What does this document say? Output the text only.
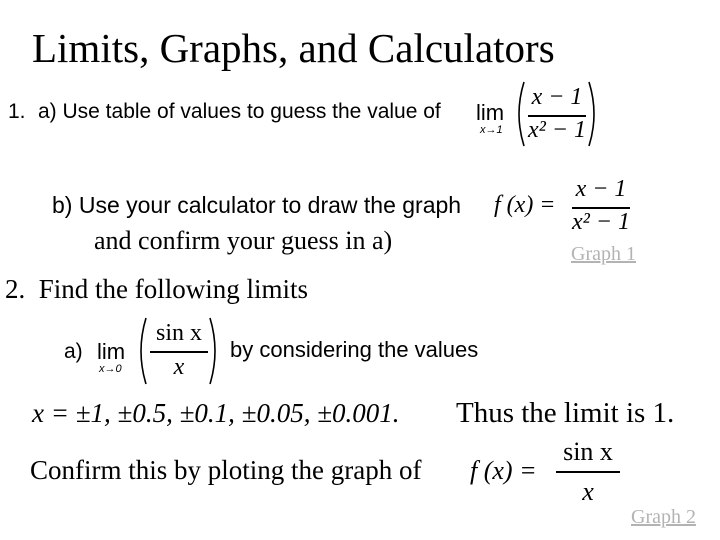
Limits, Graphs, and Calculators
1. a) Use table of values to guess the value of lim
x→1
x − 1
x² − 1
b) Use your calculator to draw the graph f (x) =
x − 1
x² − 1
and confirm your guess in a)	Graph 1
2.  Find the following limits
a) lim
x→0
sin x
x
by considering the values
x = ±1, ±0.5, ±0.1, ±0.05, ±0.001. Thus the limit is 1.
Confirm this by ploting the graph of f (x) =
sin x
x
Graph 2
